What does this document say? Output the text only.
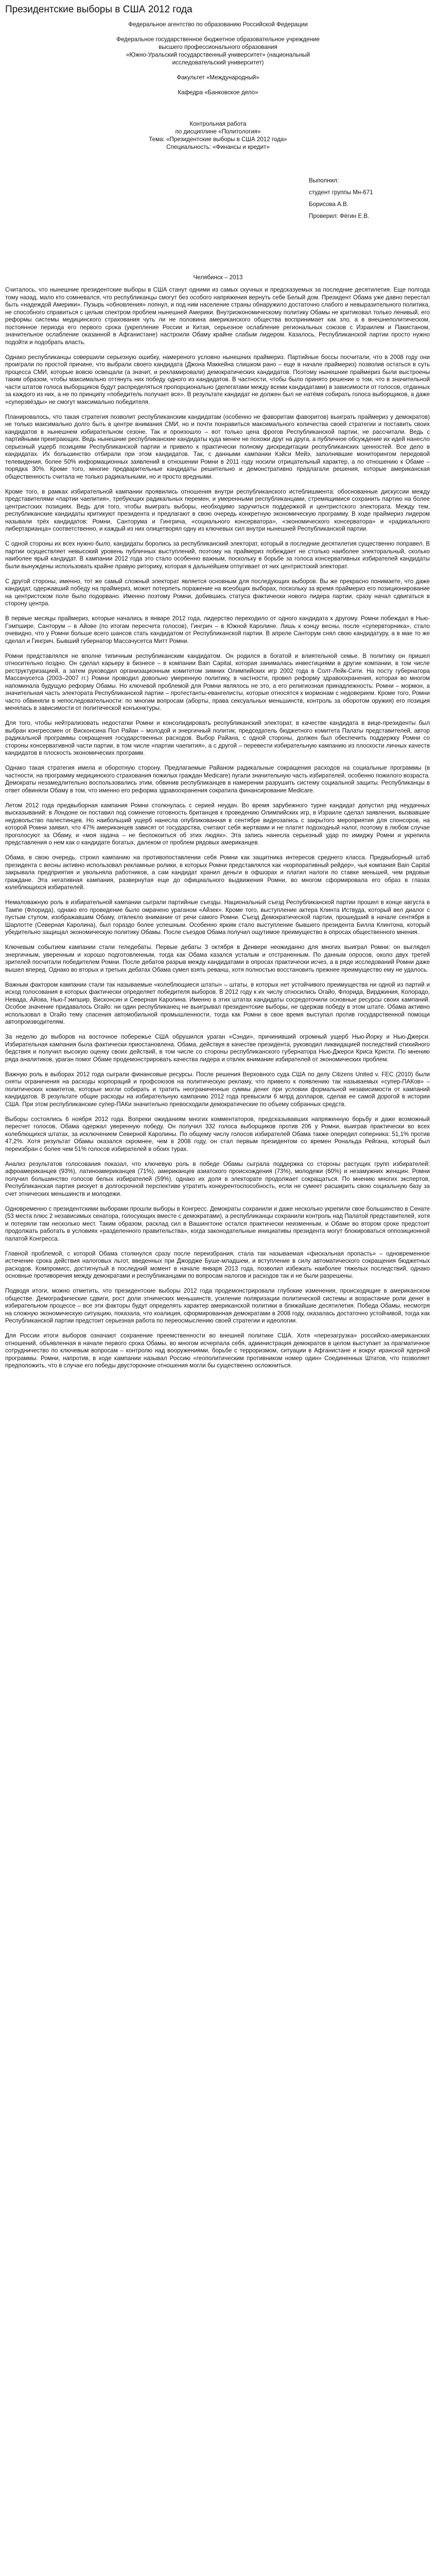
Президентские выборы в США 2012 года
Федеральное агентство по образованию Российской Федерации
Федеральное государственное бюджетное образовательное учреждение
высшего профессионального образования
«Южно-Уральский государственный университет» (национальный
исследовательский университет)
Факультет «Международный»
Кафедра «Банковское дело»
Контрольная работа
по дисциплине «Политология»
Тема: «Президентские выборы в США 2012 года»
Специальность: «Финансы и кредит»
Выполнил:
студент группы Мн-671
Борисова А.В.
Проверил: Фёгин Е.В.
Челябинск – 2013

Считалось, что нынешние президентские выборы в США станут одними из самых скучных и предсказуемых за последние десятилетия. Еще полгода тому назад, мало кто сомневался, что республиканцы смогут без особого напряжения вернуть себе Белый дом. Президент Обама уже давно перестал быть «надеждой Америки». Пузырь «обновления» лопнул, и под ним население страны обнаружило достаточно слабого и невыразительного политика, не способного справиться с целым спектром проблем нынешней Америки. Внутриэкономическому политику Обамы не критиковал только ленивый, его реформы системы медицинского страхования чуть ли не половина американского общества воспринимает как зло, а в внешнеполитическом, постоянное периода его первого срока (укрепление России и Китая, серьезное ослабление региональных союзов с Израилем и Пакистаном, значительное ослабление оказанной в Афганистане) настроили Обаму крайне слабым лидером. Казалось, Республиканской партии просто нужно подойти и подобрать власть.

Однако республиканцы совершили серьезную ошибку, намереного условно нынешних праймериз. Партийные боссы посчитали, что в 2008 году они проиграли по простой причине, что выбрали своего кандидата (Джона Маккейна слишком рано – еще в начале праймериз) позволив остаться в суть процесса СМИ, которые вовсю освещали (а значит, и рекламировали) демократических кандидатов. Поэтому нынешние праймериз были выстроены таким образом, чтобы максимально оттянуть них победу одного из кандидатов. В частности, чтобы было принято решение о том, что в значительной части штатов голоса выборщиков будут распределяться пропорционально (делегатами между всеми кандидатами) в зависимости от голосов, отданных за каждого из них, а не по принципу «победитель получает все». В результате кандидат не должен был не натёмя собирать голоса выборщиков, а даже «суперзвёзды» не смогут максимально победителя.

Планировалось, что такая стратегия позволит республиканским кандидатам (особенно не фаворитам фаворитов) выиграть праймериз у демократов) не только максимально долго быть в центре внимания СМИ, но и почти понравиться максимального количества своей стратегии и поставить своих кандидатов в нынешнем избирательном сезоне. Так и произошло – вот только цена фрогов Республиканской партии, не рассчитали. Ведь с партийными преиграющих. Ведь нынешние республиканские кандидаты куда менее не похожи друг на друга, а публичное обсуждение их идей нанесло серьезный ущерб позициям Республиканской партии и привело к практически полному дискредитации республиканских ценностей. Все дело в кандидатах. Их большинство отбирали при этом кандидатов. Так, с данными кампании Кэйси Мейэ, заполнявшие мониторингом передовой телевидения, более 50% информационных заявлений в отношении Ромни в 2011 году носили отрицательный характер, а по отношению к Обаме – порядка 30%. Кроме того, многие предварительные кандидаты решительно и демонстративно предлагали решения, которые американская общественность считала не только радикальными, но и просто вредными.

Кроме того, в рамках избирательной кампании проявились отношения внутри республиканского истеблишмента: обоснованные дискуссии между представителями «партии чаепития», требующих радикальных перемен, и умеренными республиканцами, стремящимися сохранить партию на более центристских позициях. Ведь для того, чтобы выиграть выборы, необходимо заручиться поддержкой и центристского электората. Между тем, республиканские кандидаты критикуют президента и предлагают в свою очередь конкретную экономическую программу. В ходе праймериз лидером называли трёх кандидатов: Ромни, Санторума и Гингрича, «социального консерватора», «экономического консерватора» и «радикального либертарианца» соответственно, и каждый из них олицетворял одну из ключевых сил внутри нынешней Республиканской партии.

С одной стороны их всех нужно было, кандидаты боролись за республиканский электорат, который в последние десятилетия существенно поправел. В партии осуществляет невысокий уровень публичных выступлений, поэтому на праймериз побеждает не столько наиболее электоральный, сколько наиболее ярый кандидат. В кампании 2012 года это стало особенно важным, поскольку в борьбе за голоса консервативных избирателей кандидаты были вынуждены использовать крайне правую риторику, которая в дальнейшем отпугивает от них центристский электорат.

С другой стороны, именно, тот же самый сложный электорат является основным для последующих выборов. Вы же прекрасно понимаете, что даже кандидат, одержавший победу на праймериз, может потерпеть поражение на всеобщих выборах, поскольку за время праймериз его позиционирование на центристском поле было подорвано. Именно поэтому Ромни, добившись статуса фактически нового лидера партии, сразу начал сдвигаться в сторону центра.

В первые месяцы праймериз, которые начались в январе 2012 года, лидерство переходило от одного кандидата к другому. Ромни побеждал в Нью-Гэмпшире, Санторум – в Айове (по итогам пересчета голосов), Гингрич – в Южной Каролине. Лишь к концу весны, после «супервторника», стало очевидно, что у Ромни больше всего шансов стать кандидатом от Республиканской партии. В апреле Санторум снял свою кандидатуру, а в мае то же сделал и Гингрич. Бывший губернатор Массачусетса Митт Ромни.

Ромни представлялся не вполне типичным республиканским кандидатом. Он родился в богатой и влиятельной семье. В политику он пришел относительно поздно. Он сделал карьеру в бизнесе – в компании Bain Capital, которая занималась инвестициями в другие компании, в том числе реструктуризацией, а затем руководил организационным комитетом зимних Олимпийских игр 2002 года в Солт-Лейк-Сити. На посту губернатора Массачусетса (2003–2007 гг.) Ромни проводил довольно умеренную политику, в частности, провел реформу здравоохранения, которая во многом напоминала будущую реформу Обамы. Но ключевой проблемой для Ромни являлось не это, а его религиозная принадлежность: Ромни – мормон, а значительная часть электората Республиканской партии – протестанты-евангелисты, которые относятся к мормонам с недоверием. Кроме того, Ромни часто обвиняли в непоследовательности: по многим вопросам (аборты, права сексуальных меньшинств, контроль за оборотом оружия) его позиция менялась в зависимости от политической конъюнктуры.

Для того, чтобы нейтрализовать недостатки Ромни и консолидировать республиканский электорат, в качестве кандидата в вице-президенты был выбран конгрессмен от Висконсина Пол Райан – молодой и энергичный политик, председатель бюджетного комитета Палаты представителей, автор радикальной программы сокращения государственных расходов. Выбор Райана, с одной стороны, должен был обеспечить поддержку Ромни со стороны консервативной части партии, в том числе «партии чаепития», а с другой – перевести избирательную кампанию из плоскости личных качеств кандидатов в плоскость экономических программ.

Однако такая стратегия имела и оборотную сторону. Предлагаемые Райаном радикальные сокращения расходов на социальные программы (в частности, на программу медицинского страхования пожилых граждан Medicare) пугали значительную часть избирателей, особенно пожилого возраста. Демократы незамедлительно воспользовались этим, обвинив республиканцев в намерении разрушить систему социальной защиты. Республиканцы в ответ обвиняли Обаму в том, что именно его реформа здравоохранения сократила финансирование Medicare.

Летом 2012 года предвыборная кампания Ромни столкнулась с серией неудач. Во время зарубежного турне кандидат допустил ряд неудачных высказываний: в Лондоне он поставил под сомнение готовность британцев к проведению Олимпийских игр, в Израиле сделал заявления, вызвавшие недовольство палестинцев. Но наибольший ущерб нанесла опубликованная в сентябре видеозапись с закрытого мероприятия для спонсоров, на которой Ромни заявил, что 47% американцев зависят от государства, считают себя жертвами и не платят подоходный налог, поэтому в любом случае проголосуют за Обаму, и «моя задача – не беспокоиться об этих людях». Эта запись нанесла серьезный удар по имиджу Ромни и укрепила представления о нем как о кандидате богатых, далеком от проблем рядовых американцев.

Обама, в свою очередь, строил кампанию на противопоставлении себя Ромни как защитника интересов среднего класса. Предвыборный штаб президента с весны активно использовал рекламные ролики, в которых Ромни представлялся как «корпоративный рейдер», чья компания Bain Capital закрывала предприятия и увольняла работников, а сам кандидат хранил деньги в офшорах и платил налоги по ставке меньшей, чем рядовые граждане. Эта негативная кампания, развернутая еще до официального выдвижения Ромни, во многом сформировала его образ в глазах колеблющихся избирателей.

Немаловажную роль в избирательной кампании сыграли партийные съезды. Национальный съезд Республиканской партии прошел в конце августа в Тампе (Флорида), однако его проведение было омрачено ураганом «Айзек». Кроме того, выступление актера Клинта Иствуда, который вел диалог с пустым стулом, изображавшим Обаму, отвлекло внимание от речи самого Ромни. Съезд Демократической партии, прошедший в начале сентября в Шарлотте (Северная Каролина), был гораздо более успешным. Особенно ярким стало выступление бывшего президента Билла Клинтона, который убедительно защищал экономическую политику Обамы. После съездов Обама получил ощутимое преимущество в опросах общественного мнения.

Ключевым событием кампании стали теледебаты. Первые дебаты 3 октября в Денвере неожиданно для многих выиграл Ромни: он выглядел энергичным, уверенным и хорошо подготовленным, тогда как Обама казался усталым и отстраненным. По данным опросов, около двух третей зрителей посчитали победителем Ромни. После дебатов разрыв между кандидатами в опросах практически исчез, а в ряде исследований Ромни даже вышел вперед. Однако во вторых и третьих дебатах Обама сумел взять реванш, хотя полностью восстановить прежнее преимущество ему не удалось.

Важным фактором кампании стали так называемые «колеблющиеся штаты» – штаты, в которых нет устойчивого преимущества ни одной из партий и исход голосования в которых фактически определяет победителя выборов. В 2012 году к их числу относились Огайо, Флорида, Вирджиния, Колорадо, Невада, Айова, Нью-Гэмпшир, Висконсин и Северная Каролина. Именно в этих штатах кандидаты сосредоточили основные ресурсы своих кампаний. Особое значение придавалось Огайо: ни один республиканец не выигрывал президентские выборы, не одержав победу в этом штате. Обама активно использовал в Огайо тему спасения автомобильной промышленности, тогда как Ромни в свое время выступал против государственной помощи автопроизводителям.

За неделю до выборов на восточное побережье США обрушился ураган «Сэнди», причинивший огромный ущерб Нью-Йорку и Нью-Джерси. Избирательная кампания была фактически приостановлена. Обама, действуя в качестве президента, руководил ликвидацией последствий стихийного бедствия и получил высокую оценку своих действий, в том числе со стороны республиканского губернатора Нью-Джерси Криса Кристи. По мнению ряда аналитиков, ураган помог Обаме продемонстрировать качества лидера и отвлек внимание избирателей от экономических проблем.

Важную роль в выборах 2012 года сыграли финансовые ресурсы. После решения Верховного суда США по делу Citizens United v. FEC (2010) были сняты ограничения на расходы корпораций и профсоюзов на политическую рекламу, что привело к появлению так называемых «супер-ПАКов» – политических комитетов, которые могли собирать и тратить неограниченные суммы денег при условии формальной независимости от кампаний кандидатов. В результате общие расходы на избирательную кампанию 2012 года превысили 6 млрд долларов, сделав ее самой дорогой в истории США. При этом республиканские супер-ПАКи значительно превосходили демократические по объему собранных средств.

Выборы состоялись 6 ноября 2012 года. Вопреки ожиданиям многих комментаторов, предсказывавших напряженную борьбу и даже возможный пересчет голосов, Обама одержал уверенную победу. Он получил 332 голоса выборщиков против 206 у Ромни, выиграв практически во всех колеблющихся штатах, за исключением Северной Каролины. По общему числу голосов избирателей Обама также опередил соперника: 51,1% против 47,2%. Хотя результат Обамы оказался скромнее, чем в 2008 году, он стал первым президентом со времен Рональда Рейгана, который был переизбран с более чем 51% голосов избирателей в обоих турах.

Анализ результатов голосования показал, что ключевую роль в победе Обамы сыграла поддержка со стороны растущих групп избирателей: афроамериканцев (93%), латиноамериканцев (71%), американцев азиатского происхождения (73%), молодежи (60%) и незамужних женщин. Ромни получил большинство голосов белых избирателей (59%), однако их доля в электорате продолжает сокращаться. По мнению многих экспертов, Республиканская партия рискует в долгосрочной перспективе утратить конкурентоспособность, если не сумеет расширить свою социальную базу за счет этнических меньшинств и молодежи.

Одновременно с президентскими выборами прошли выборы в Конгресс. Демократы сохранили и даже несколько укрепили свое большинство в Сенате (53 места плюс 2 независимых сенатора, голосующих вместе с демократами), а республиканцы сохранили контроль над Палатой представителей, хотя и потеряли там несколько мест. Таким образом, расклад сил в Вашингтоне остался практически неизменным, и Обаме во втором сроке предстоит продолжать работать в условиях «разделенного правительства», когда законодательные инициативы президента могут блокироваться оппозиционной палатой Конгресса.

Главной проблемой, с которой Обама столкнулся сразу после переизбрания, стала так называемая «фискальная пропасть» – одновременное истечение срока действия налоговых льгот, введенных при Джордже Буше-младшем, и вступление в силу автоматического сокращения бюджетных расходов. Компромисс, достигнутый в последний момент в начале января 2013 года, позволил избежать наиболее тяжелых последствий, однако основные противоречия между демократами и республиканцами по вопросам налогов и расходов так и не были разрешены.

Подводя итоги, можно отметить, что президентские выборы 2012 года продемонстрировали глубокие изменения, происходящие в американском обществе. Демографические сдвиги, рост доли этнических меньшинств, усиление поляризации политической системы и возрастание роли денег в избирательном процессе – все эти факторы будут определять характер американской политики в ближайшие десятилетия. Победа Обамы, несмотря на сложную экономическую ситуацию, показала, что коалиция, сформированная демократами в 2008 году, оказалась достаточно устойчивой, тогда как Республиканской партии предстоит серьезная работа по переосмыслению своей стратегии и идеологии.

Для России итоги выборов означают сохранение преемственности во внешней политике США. Хотя «перезагрузка» российско-американских отношений, объявленная в начале первого срока Обамы, во многом исчерпала себя, администрация демократов в целом выступает за прагматичное сотрудничество по ключевым вопросам – контролю над вооружениями, борьбе с терроризмом, ситуации в Афганистане и вокруг иранской ядерной программы. Ромни, напротив, в ходе кампании называл Россию «геополитическим противником номер один» Соединенных Штатов, что позволяет предположить, что в случае его победы двусторонние отношения могли бы существенно осложниться.
